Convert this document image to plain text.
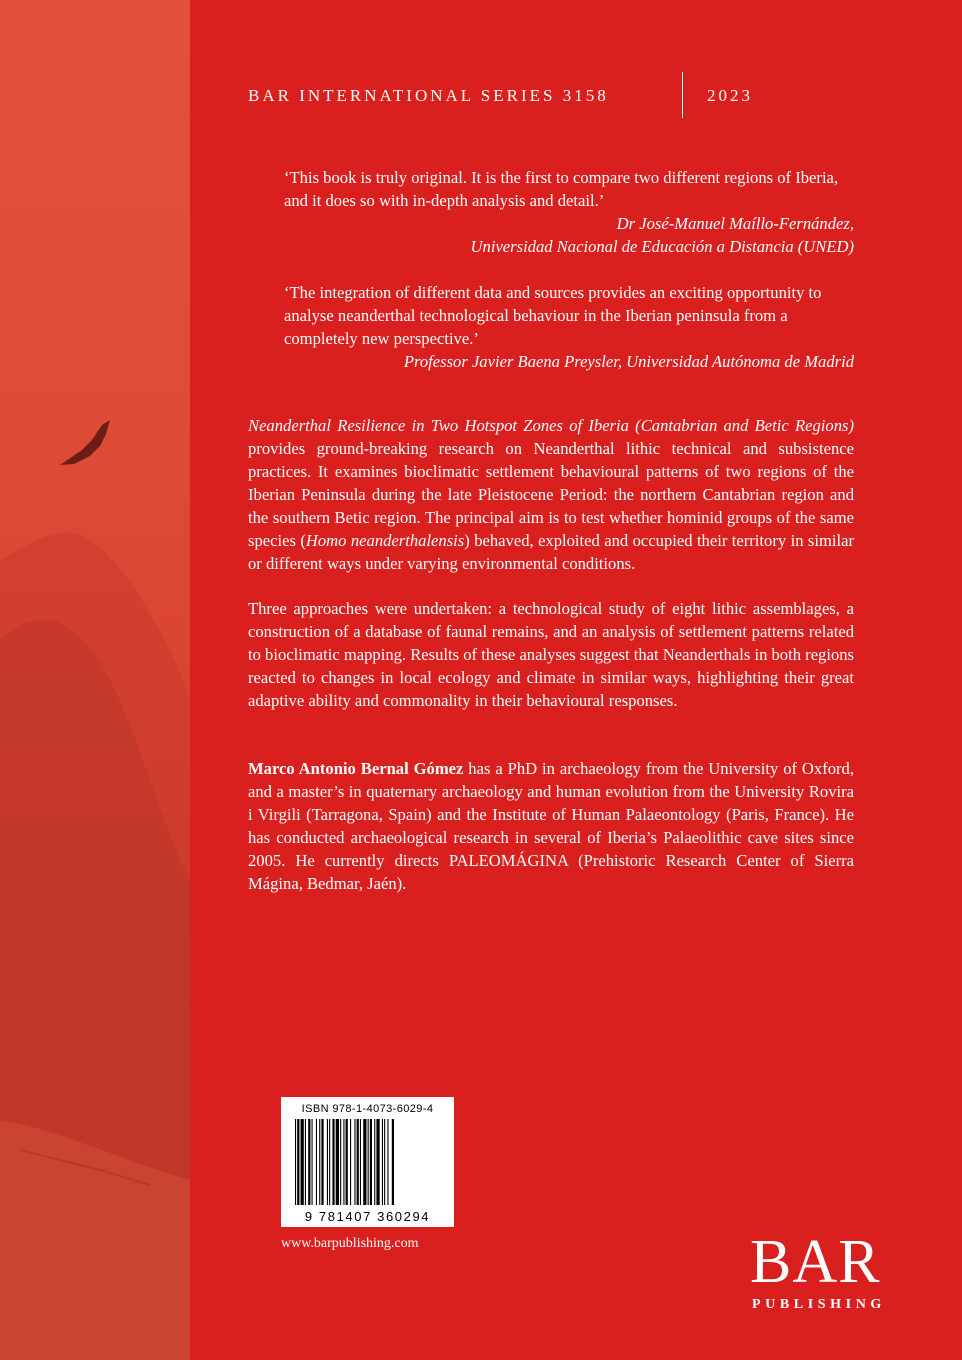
BAR INTERNATIONAL SERIES 3158	2023
‘This book is truly original. It is the first to compare two different regions of Iberia, and it does so with in-depth analysis and detail.’
Dr José-Manuel Maíllo-Fernández,
Universidad Nacional de Educación a Distancia (UNED)
‘The integration of different data and sources provides an exciting opportunity to analyse neanderthal technological behaviour in the Iberian peninsula from a completely new perspective.’
Professor Javier Baena Preysler, Universidad Autónoma de Madrid
Neanderthal Resilience in Two Hotspot Zones of Iberia (Cantabrian and Betic Regions) provides ground-breaking research on Neanderthal lithic technical and subsistence practices. It examines bioclimatic settlement behavioural patterns of two regions of the Iberian Peninsula during the late Pleistocene Period: the northern Cantabrian region and the southern Betic region. The principal aim is to test whether hominid groups of the same species (Homo neanderthalensis) behaved, exploited and occupied their territory in similar or different ways under varying environmental conditions.
Three approaches were undertaken: a technological study of eight lithic assemblages, a construction of a database of faunal remains, and an analysis of settlement patterns related to bioclimatic mapping. Results of these analyses suggest that Neanderthals in both regions reacted to changes in local ecology and climate in similar ways, highlighting their great adaptive ability and commonality in their behavioural responses.
Marco Antonio Bernal Gómez has a PhD in archaeology from the University of Oxford, and a master’s in quaternary archaeology and human evolution from the University Rovira i Virgili (Tarragona, Spain) and the Institute of Human Palaeontology (Paris, France). He has conducted archaeological research in several of Iberia’s Palaeolithic cave sites since 2005. He currently directs PALEOMÁGINA (Prehistoric Research Center of Sierra Mágina, Bedmar, Jaén).
ISBN 978-1-4073-6029-4
9 781407 360294
www.barpublishing.com	BAR
PUBLISHING
